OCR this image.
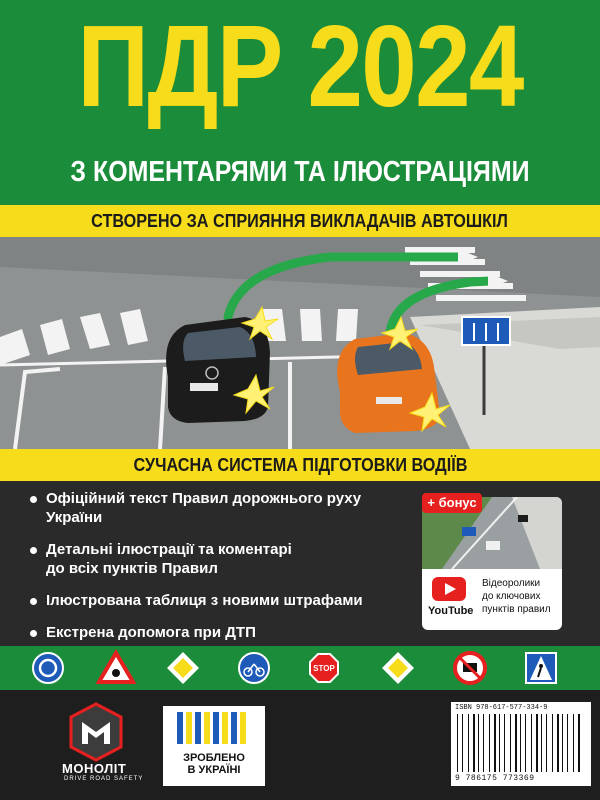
ПДР 2024
З КОМЕНТАРЯМИ ТА ІЛЮСТРАЦІЯМИ
СТВОРЕНО ЗА СПРИЯННЯ ВИКЛАДАЧІВ АВТОШКІЛ
СУЧАСНА СИСТЕМА ПІДГОТОВКИ ВОДІЇВ
Офіційний текст Правил дорожнього руху України
Детальні ілюстрації та коментарі
до всіх пунктів Правил
Ілюстрована таблиця з новими штрафами
Екстрена допомога при ДТП
+ бонус
YouTube
Відеоролики
до ключових
пунктів правил
STOP
МОНОЛІТ
DRIVE ROAD SAFETY
ЗРОБЛЕНО
В УКРАЇНІ
ISBN 978-617-577-334-9
9 786175 773369
